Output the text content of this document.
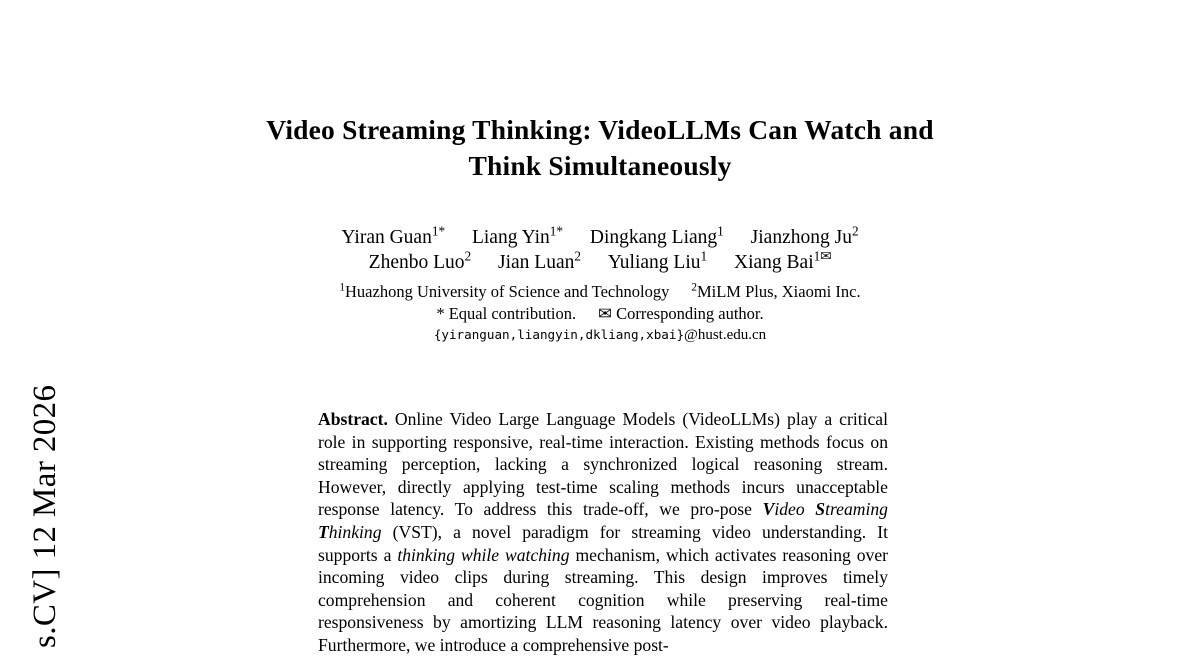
s.CV] 12 Mar 2026
Video Streaming Thinking: VideoLLMs Can Watch and Think Simultaneously
Yiran Guan$^{1*}$ Liang Yin$^{1*}$ Dingkang Liang$^1$ Jianzhong Ju$^2$
Zhenbo Luo$^2$ Jian Luan$^2$ Yuliang Liu$^1$ Xiang Bai$^{1✉}$
$^1$Huazhong University of Science and Technology $^2$MiLM Plus, Xiaomi Inc.
* Equal contribution. ✉ Corresponding author.
{yiranguan,liangyin,dkliang,xbai}@hust.edu.cn
Abstract. Online Video Large Language Models (VideoLLMs) play a critical role in supporting responsive, real-time interaction. Existing methods focus on streaming perception, lacking a synchronized logical reasoning stream. However, directly applying test-time scaling methods incurs unacceptable response latency. To address this trade-off, we pro-pose Video Streaming Thinking (VST), a novel paradigm for streaming video understanding. It supports a thinking while watching mechanism, which activates reasoning over incoming video clips during streaming. This design improves timely comprehension and coherent cognition while preserving real-time responsiveness by amortizing LLM reasoning latency over video playback. Furthermore, we introduce a comprehensive post-
